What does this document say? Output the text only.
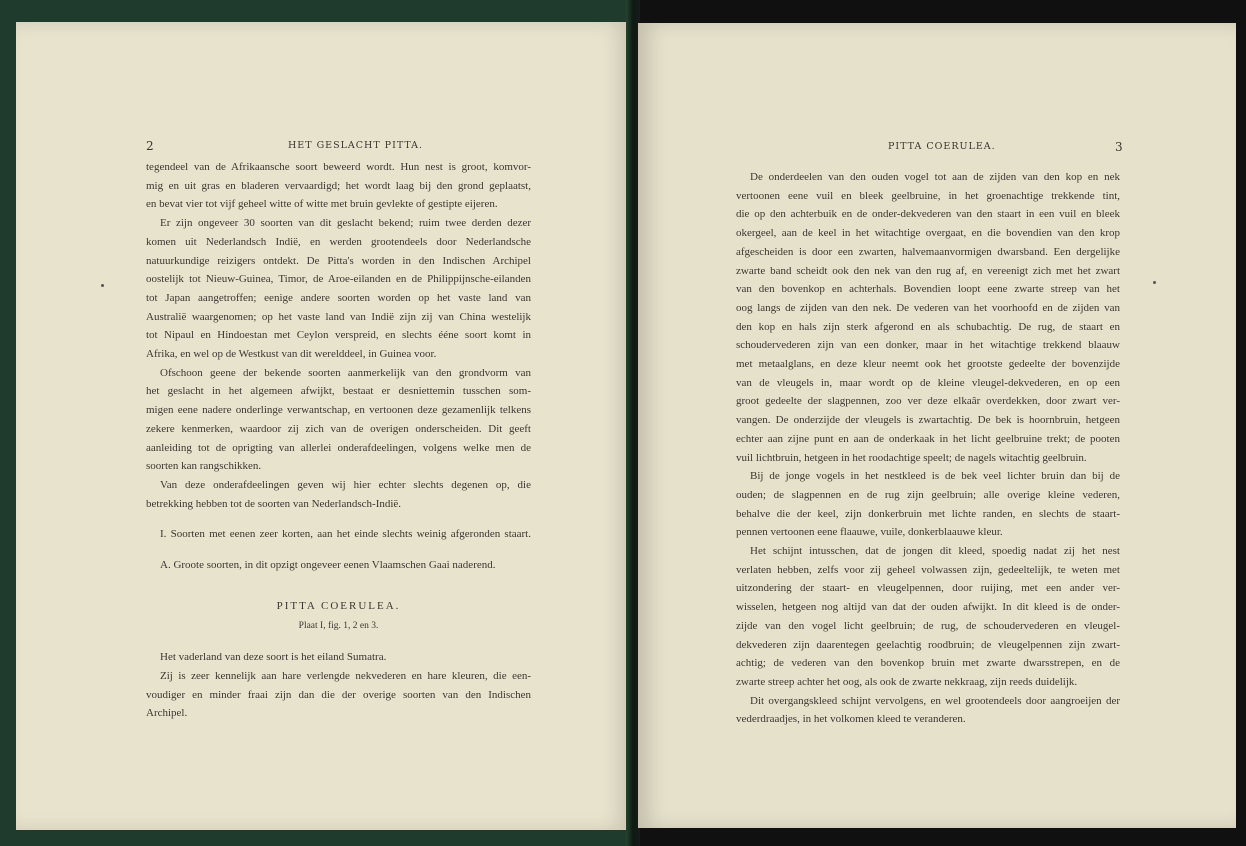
2	HET GESLACHT PITTA.

tegendeel van de Afrikaansche soort beweerd wordt. Hun nest is groot, komvor-

mig en uit gras en bladeren vervaardigd; het wordt laag bij den grond geplaatst,

en bevat vier tot vijf geheel witte of witte met bruin gevlekte of gestipte eijeren.

Er zijn ongeveer 30 soorten van dit geslacht bekend; ruim twee derden dezer

komen uit Nederlandsch Indië, en werden grootendeels door Nederlandsche

natuurkundige reizigers ontdekt. De Pitta's worden in den Indischen Archipel

oostelijk tot Nieuw-Guinea, Timor, de Aroe-eilanden en de Philippijnsche-eilanden

tot Japan aangetroffen; eenige andere soorten worden op het vaste land van

Australië waargenomen; op het vaste land van Indië zijn zij van China westelijk

tot Nipaul en Hindoestan met Ceylon verspreid, en slechts ééne soort komt in

Afrika, en wel op de Westkust van dit werelddeel, in Guinea voor.

Ofschoon geene der bekende soorten aanmerkelijk van den grondvorm van

het geslacht in het algemeen afwijkt, bestaat er desniettemin tusschen som-

migen eene nadere onderlinge verwantschap, en vertoonen deze gezamenlijk telkens

zekere kenmerken, waardoor zij zich van de overigen onderscheiden. Dit geeft

aanleiding tot de oprigting van allerlei onderafdeelingen, volgens welke men de

soorten kan rangschikken.

Van deze onderafdeelingen geven wij hier echter slechts degenen op, die

betrekking hebben tot de soorten van Nederlandsch-Indië.

I. Soorten met eenen zeer korten, aan het einde slechts weinig afgeronden staart.

A. Groote soorten, in dit opzigt ongeveer eenen Vlaamschen Gaai naderend.

PITTA COERULEA.

Plaat I, fig. 1, 2 en 3.

Het vaderland van deze soort is het eiland Sumatra.

Zij is zeer kennelijk aan hare verlengde nekvederen en hare kleuren, die een-

voudiger en minder fraai zijn dan die der overige soorten van den Indischen

Archipel.

PITTA COERULEA.	3

De onderdeelen van den ouden vogel tot aan de zijden van den kop en nek

vertoonen eene vuil en bleek geelbruine, in het groenachtige trekkende tint,

die op den achterbuik en de onder-dekvederen van den staart in een vuil en bleek

okergeel, aan de keel in het witachtige overgaat, en die bovendien van den krop

afgescheiden is door een zwarten, halvemaanvormigen dwarsband. Een dergelijke

zwarte band scheidt ook den nek van den rug af, en vereenigt zich met het zwart

van den bovenkop en achterhals. Bovendien loopt eene zwarte streep van het

oog langs de zijden van den nek. De vederen van het voorhoofd en de zijden van

den kop en hals zijn sterk afgerond en als schubachtig. De rug, de staart en

schoudervederen zijn van een donker, maar in het witachtige trekkend blaauw

met metaalglans, en deze kleur neemt ook het grootste gedeelte der bovenzijde

van de vleugels in, maar wordt op de kleine vleugel-dekvederen, en op een

groot gedeelte der slagpennen, zoo ver deze elkaâr overdekken, door zwart ver-

vangen. De onderzijde der vleugels is zwartachtig. De bek is hoornbruin, hetgeen

echter aan zijne punt en aan de onderkaak in het licht geelbruine trekt; de pooten

vuil lichtbruin, hetgeen in het roodachtige speelt; de nagels witachtig geelbruin.

Bij de jonge vogels in het nestkleed is de bek veel lichter bruin dan bij de

ouden; de slagpennen en de rug zijn geelbruin; alle overige kleine vederen,

behalve die der keel, zijn donkerbruin met lichte randen, en slechts de staart-

pennen vertoonen eene flaauwe, vuile, donkerblaauwe kleur.

Het schijnt intusschen, dat de jongen dit kleed, spoedig nadat zij het nest

verlaten hebben, zelfs voor zij geheel volwassen zijn, gedeeltelijk, te weten met

uitzondering der staart- en vleugelpennen, door ruijing, met een ander ver-

wisselen, hetgeen nog altijd van dat der ouden afwijkt. In dit kleed is de onder-

zijde van den vogel licht geelbruin; de rug, de schoudervederen en vleugel-

dekvederen zijn daarentegen geelachtig roodbruin; de vleugelpennen zijn zwart-

achtig; de vederen van den bovenkop bruin met zwarte dwarsstrepen, en de

zwarte streep achter het oog, als ook de zwarte nekkraag, zijn reeds duidelijk.

Dit overgangskleed schijnt vervolgens, en wel grootendeels door aangroeijen der

vederdraadjes, in het volkomen kleed te veranderen.
